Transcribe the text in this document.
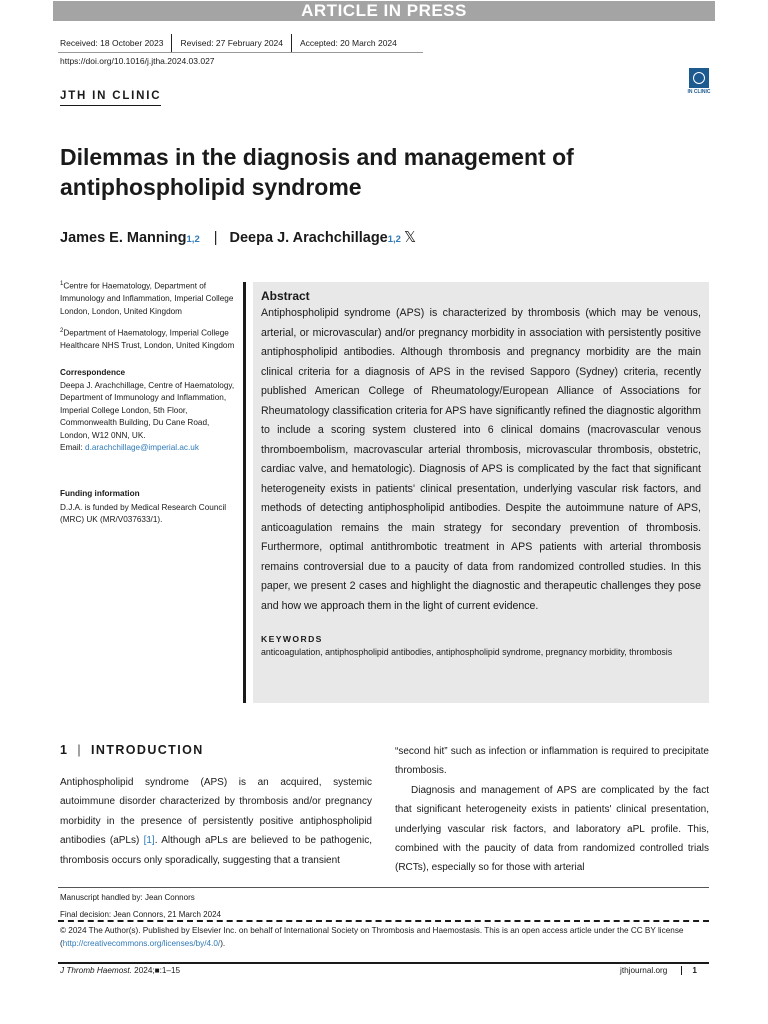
ARTICLE IN PRESS
Received: 18 October 2023	Revised: 27 February 2024	Accepted: 20 March 2024
https://doi.org/10.1016/j.jtha.2024.03.027
JTH IN CLINIC	IN CLINIC
Dilemmas in the diagnosis and management of antiphospholipid syndrome
James E. Manning 1,2 | Deepa J. Arachchillage 1,2 𝕏

$^1$Centre for Haematology, Department of Immunology and Inflammation, Imperial College London, London, United Kingdom

$^2$Department of Haematology, Imperial College Healthcare NHS Trust, London, United Kingdom

Correspondence

Deepa J. Arachchillage, Centre of Haematology, Department of Immunology and Inflammation, Imperial College London, 5th Floor, Commonwealth Building, Du Cane Road, London, W12 0NN, UK.

Email: d.arachchillage@imperial.ac.uk

Funding information

D.J.A. is funded by Medical Research Council (MRC) UK (MR/V037633/1).

Abstract

Antiphospholipid syndrome (APS) is characterized by thrombosis (which may be venous, arterial, or microvascular) and/or pregnancy morbidity in association with persistently positive antiphospholipid antibodies. Although thrombosis and pregnancy morbidity are the main clinical criteria for a diagnosis of APS in the revised Sapporo (Sydney) criteria, recently published American College of Rheumatology/European Alliance of Associations for Rheumatology classification criteria for APS have significantly refined the diagnostic algorithm to include a scoring system clustered into 6 clinical domains (macrovascular venous thromboembolism, macrovascular arterial thrombosis, microvascular thrombosis, obstetric, cardiac valve, and hematologic). Diagnosis of APS is complicated by the fact that significant heterogeneity exists in patients' clinical presentation, underlying vascular risk factors, and methods of detecting antiphospholipid antibodies. Despite the autoimmune nature of APS, anticoagulation remains the main strategy for secondary prevention of thrombosis. Furthermore, optimal antithrombotic treatment in APS patients with arterial thrombosis remains controversial due to a paucity of data from randomized controlled studies. In this paper, we present 2 cases and highlight the diagnostic and therapeutic challenges they pose and how we approach them in the light of current evidence.

KEYWORDS
anticoagulation, antiphospholipid antibodies, antiphospholipid syndrome, pregnancy morbidity, thrombosis
1 | INTRODUCTION

Antiphospholipid syndrome (APS) is an acquired, systemic autoimmune disorder characterized by thrombosis and/or pregnancy morbidity in the presence of persistently positive antiphospholipid antibodies (aPLs) [1]. Although aPLs are believed to be pathogenic, thrombosis occurs only sporadically, suggesting that a transient

“second hit” such as infection or inflammation is required to precipitate thrombosis.

Diagnosis and management of APS are complicated by the fact that significant heterogeneity exists in patients' clinical presentation, underlying vascular risk factors, and laboratory aPL profile. This, combined with the paucity of data from randomized controlled trials (RCTs), especially so for those with arterial

Manuscript handled by: Jean Connors
Final decision: Jean Connors, 21 March 2024
© 2024 The Author(s). Published by Elsevier Inc. on behalf of International Society on Thrombosis and Haemostasis. This is an open access article under the CC BY license (http://creativecommons.org/licenses/by/4.0/).
J Thromb Haemost. 2024;■:1–15	jthjournal.org	1
